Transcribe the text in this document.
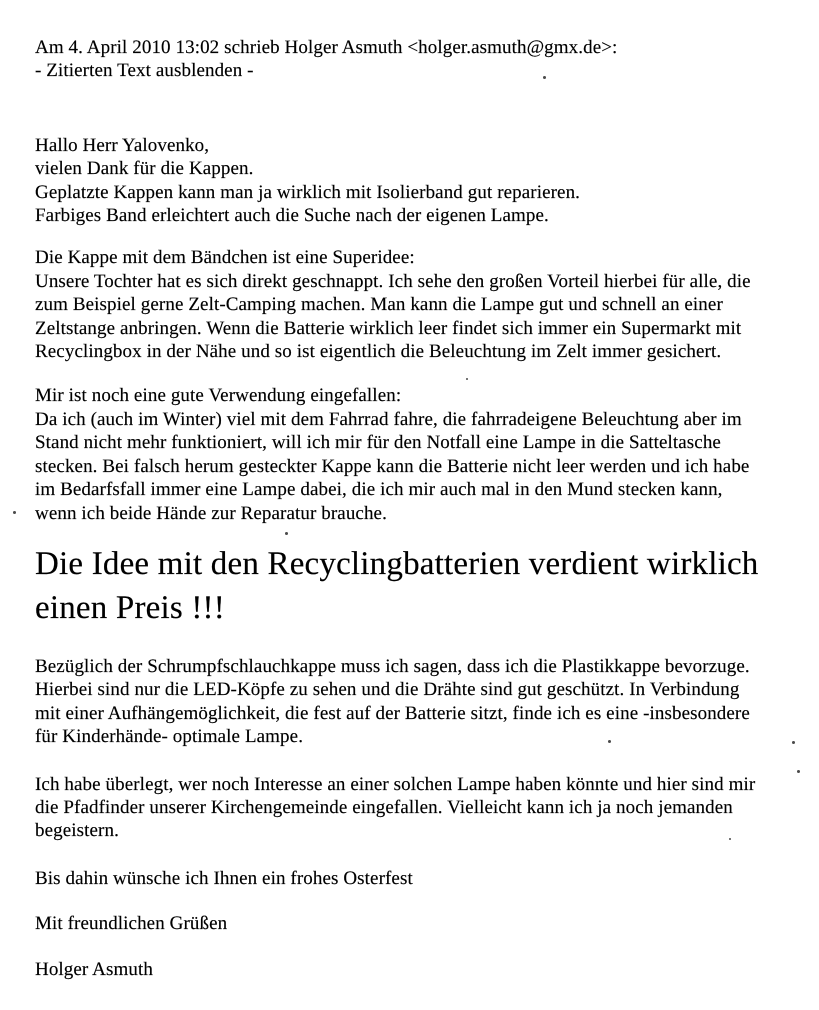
Am 4. April 2010 13:02 schrieb Holger Asmuth <holger.asmuth@gmx.de>:
- Zitierten Text ausblenden -
Hallo Herr Yalovenko,
vielen Dank für die Kappen.
Geplatzte Kappen kann man ja wirklich mit Isolierband gut reparieren.
Farbiges Band erleichtert auch die Suche nach der eigenen Lampe.
Die Kappe mit dem Bändchen ist eine Superidee:
Unsere Tochter hat es sich direkt geschnappt. Ich sehe den großen Vorteil hierbei für alle, die
zum Beispiel gerne Zelt-Camping machen. Man kann die Lampe gut und schnell an einer
Zeltstange anbringen. Wenn die Batterie wirklich leer findet sich immer ein Supermarkt mit
Recyclingbox in der Nähe und so ist eigentlich die Beleuchtung im Zelt immer gesichert.
Mir ist noch eine gute Verwendung eingefallen:
Da ich (auch im Winter) viel mit dem Fahrrad fahre, die fahrradeigene Beleuchtung aber im
Stand nicht mehr funktioniert, will ich mir für den Notfall eine Lampe in die Satteltasche
stecken. Bei falsch herum gesteckter Kappe kann die Batterie nicht leer werden und ich habe
im Bedarfsfall immer eine Lampe dabei, die ich mir auch mal in den Mund stecken kann,
wenn ich beide Hände zur Reparatur brauche.
Die Idee mit den Recyclingbatterien verdient wirklich
einen Preis !!!
Bezüglich der Schrumpfschlauchkappe muss ich sagen, dass ich die Plastikkappe bevorzuge.
Hierbei sind nur die LED-Köpfe zu sehen und die Drähte sind gut geschützt. In Verbindung
mit einer Aufhängemöglichkeit, die fest auf der Batterie sitzt, finde ich es eine -insbesondere
für Kinderhände- optimale Lampe.
Ich habe überlegt, wer noch Interesse an einer solchen Lampe haben könnte und hier sind mir
die Pfadfinder unserer Kirchengemeinde eingefallen. Vielleicht kann ich ja noch jemanden
begeistern.
Bis dahin wünsche ich Ihnen ein frohes Osterfest
Mit freundlichen Grüßen
Holger Asmuth
